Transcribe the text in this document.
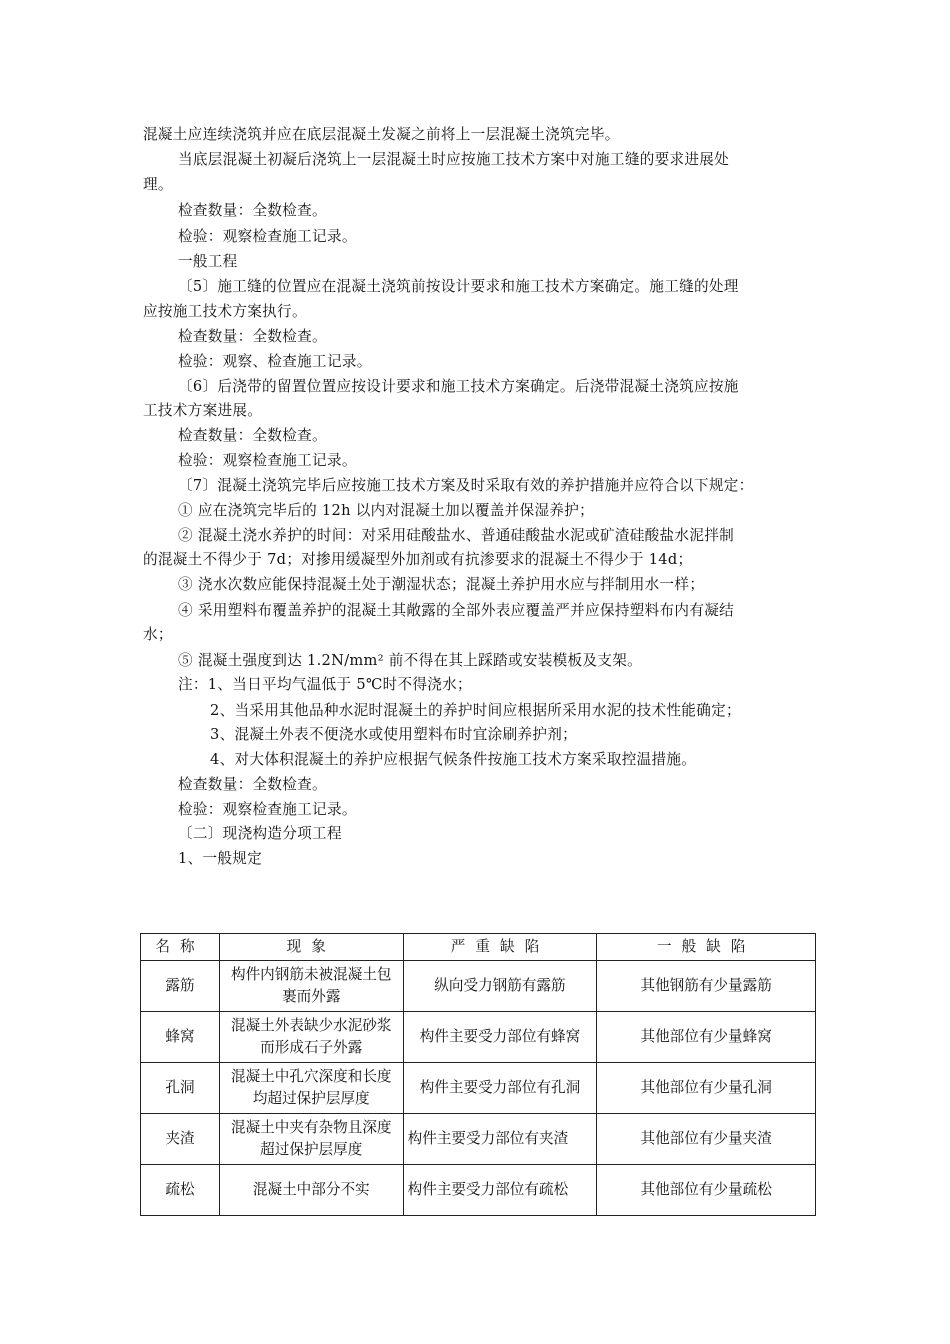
混凝土应连续浇筑并应在底层混凝土发凝之前将上一层混凝土浇筑完毕。
当底层混凝土初凝后浇筑上一层混凝土时应按施工技术方案中对施工缝的要求进展处
理。
检查数量：全数检查。
检验：观察检查施工记录。
一般工程
〔5〕施工缝的位置应在混凝土浇筑前按设计要求和施工技术方案确定。施工缝的处理
应按施工技术方案执行。
检查数量：全数检查。
检验：观察、检查施工记录。
〔6〕后浇带的留置位置应按设计要求和施工技术方案确定。后浇带混凝土浇筑应按施
工技术方案进展。
检查数量：全数检查。
检验：观察检查施工记录。
〔7〕混凝土浇筑完毕后应按施工技术方案及时采取有效的养护措施并应符合以下规定：
① 应在浇筑完毕后的 12h 以内对混凝土加以覆盖并保湿养护；
② 混凝土浇水养护的时间：对采用硅酸盐水、普通硅酸盐水泥或矿渣硅酸盐水泥拌制
的混凝土不得少于 7d；对掺用缓凝型外加剂或有抗渗要求的混凝土不得少于 14d；
③ 浇水次数应能保持混凝土处于潮湿状态；混凝土养护用水应与拌制用水一样；
④ 采用塑料布覆盖养护的混凝土其敞露的全部外表应覆盖严并应保持塑料布内有凝结
水；
⑤ 混凝土强度到达 1.2N/mm² 前不得在其上踩踏或安装模板及支架。
注：1、当日平均气温低于 5℃时不得浇水；
2、当采用其他品种水泥时混凝土的养护时间应根据所采用水泥的技术性能确定；
3、混凝土外表不便浇水或使用塑料布时宜涂刷养护剂；
4、对大体积混凝土的养护应根据气候条件按施工技术方案采取控温措施。
检查数量：全数检查。
检验：观察检查施工记录。
〔二〕现浇构造分项工程
1、一般规定
名称	现象	严重缺陷	一般缺陷
露筋	构件内钢筋未被混凝土包裹而外露	纵向受力钢筋有露筋	其他钢筋有少量露筋
蜂窝	混凝土外表缺少水泥砂浆而形成石子外露	构件主要受力部位有蜂窝	其他部位有少量蜂窝
孔洞	混凝土中孔穴深度和长度均超过保护层厚度	构件主要受力部位有孔洞	其他部位有少量孔洞
夹渣	混凝土中夹有杂物且深度超过保护层厚度	构件主要受力部位有夹渣	其他部位有少量夹渣
疏松	混凝土中部分不实	构件主要受力部位有疏松	其他部位有少量疏松
